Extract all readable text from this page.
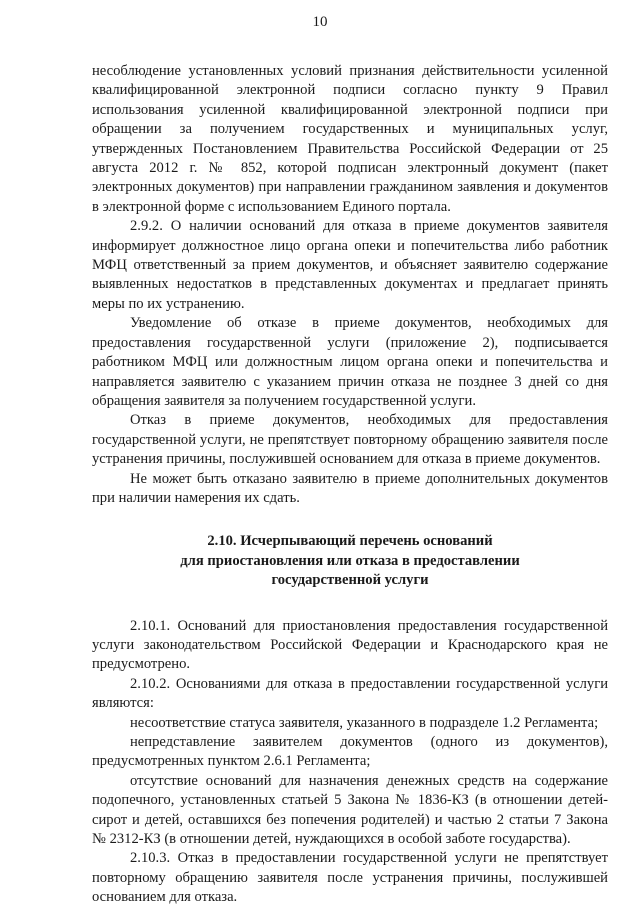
10

несоблюдение установленных условий признания действительности усиленной квалифицированной электронной подписи согласно пункту 9 Правил использования усиленной квалифицированной электронной подписи при обращении за получением государственных и муниципальных услуг, утвержденных Постановлением Правительства Российской Федерации от 25 августа 2012 г. № 852, которой подписан электронный документ (пакет электронных документов) при направлении гражданином заявления и документов в электронной форме с использованием Единого портала.

2.9.2. О наличии оснований для отказа в приеме документов заявителя информирует должностное лицо органа опеки и попечительства либо работник МФЦ ответственный за прием документов, и объясняет заявителю содержание выявленных недостатков в представленных документах и предлагает принять меры по их устранению.

Уведомление об отказе в приеме документов, необходимых для предоставления государственной услуги (приложение 2), подписывается работником МФЦ или должностным лицом органа опеки и попечительства и направляется заявителю с указанием причин отказа не позднее 3 дней со дня обращения заявителя за получением государственной услуги.

Отказ в приеме документов, необходимых для предоставления государственной услуги, не препятствует повторному обращению заявителя после устранения причины, послужившей основанием для отказа в приеме документов.

Не может быть отказано заявителю в приеме дополнительных документов при наличии намерения их сдать.

2.10. Исчерпывающий перечень оснований
для приостановления или отказа в предоставлении
государственной услуги

2.10.1. Оснований для приостановления предоставления государственной услуги законодательством Российской Федерации и Краснодарского края не предусмотрено.

2.10.2. Основаниями для отказа в предоставлении государственной услуги являются:

несоответствие статуса заявителя, указанного в подразделе 1.2 Регламента;

непредставление заявителем документов (одного из документов), предусмотренных пунктом 2.6.1 Регламента;

отсутствие оснований для назначения денежных средств на содержание подопечного, установленных статьей 5 Закона № 1836-КЗ (в отношении детей-сирот и детей, оставшихся без попечения родителей) и частью 2 статьи 7 Закона № 2312-КЗ (в отношении детей, нуждающихся в особой заботе государства).

2.10.3. Отказ в предоставлении государственной услуги не препятствует повторному обращению заявителя после устранения причины, послужившей основанием для отказа.
